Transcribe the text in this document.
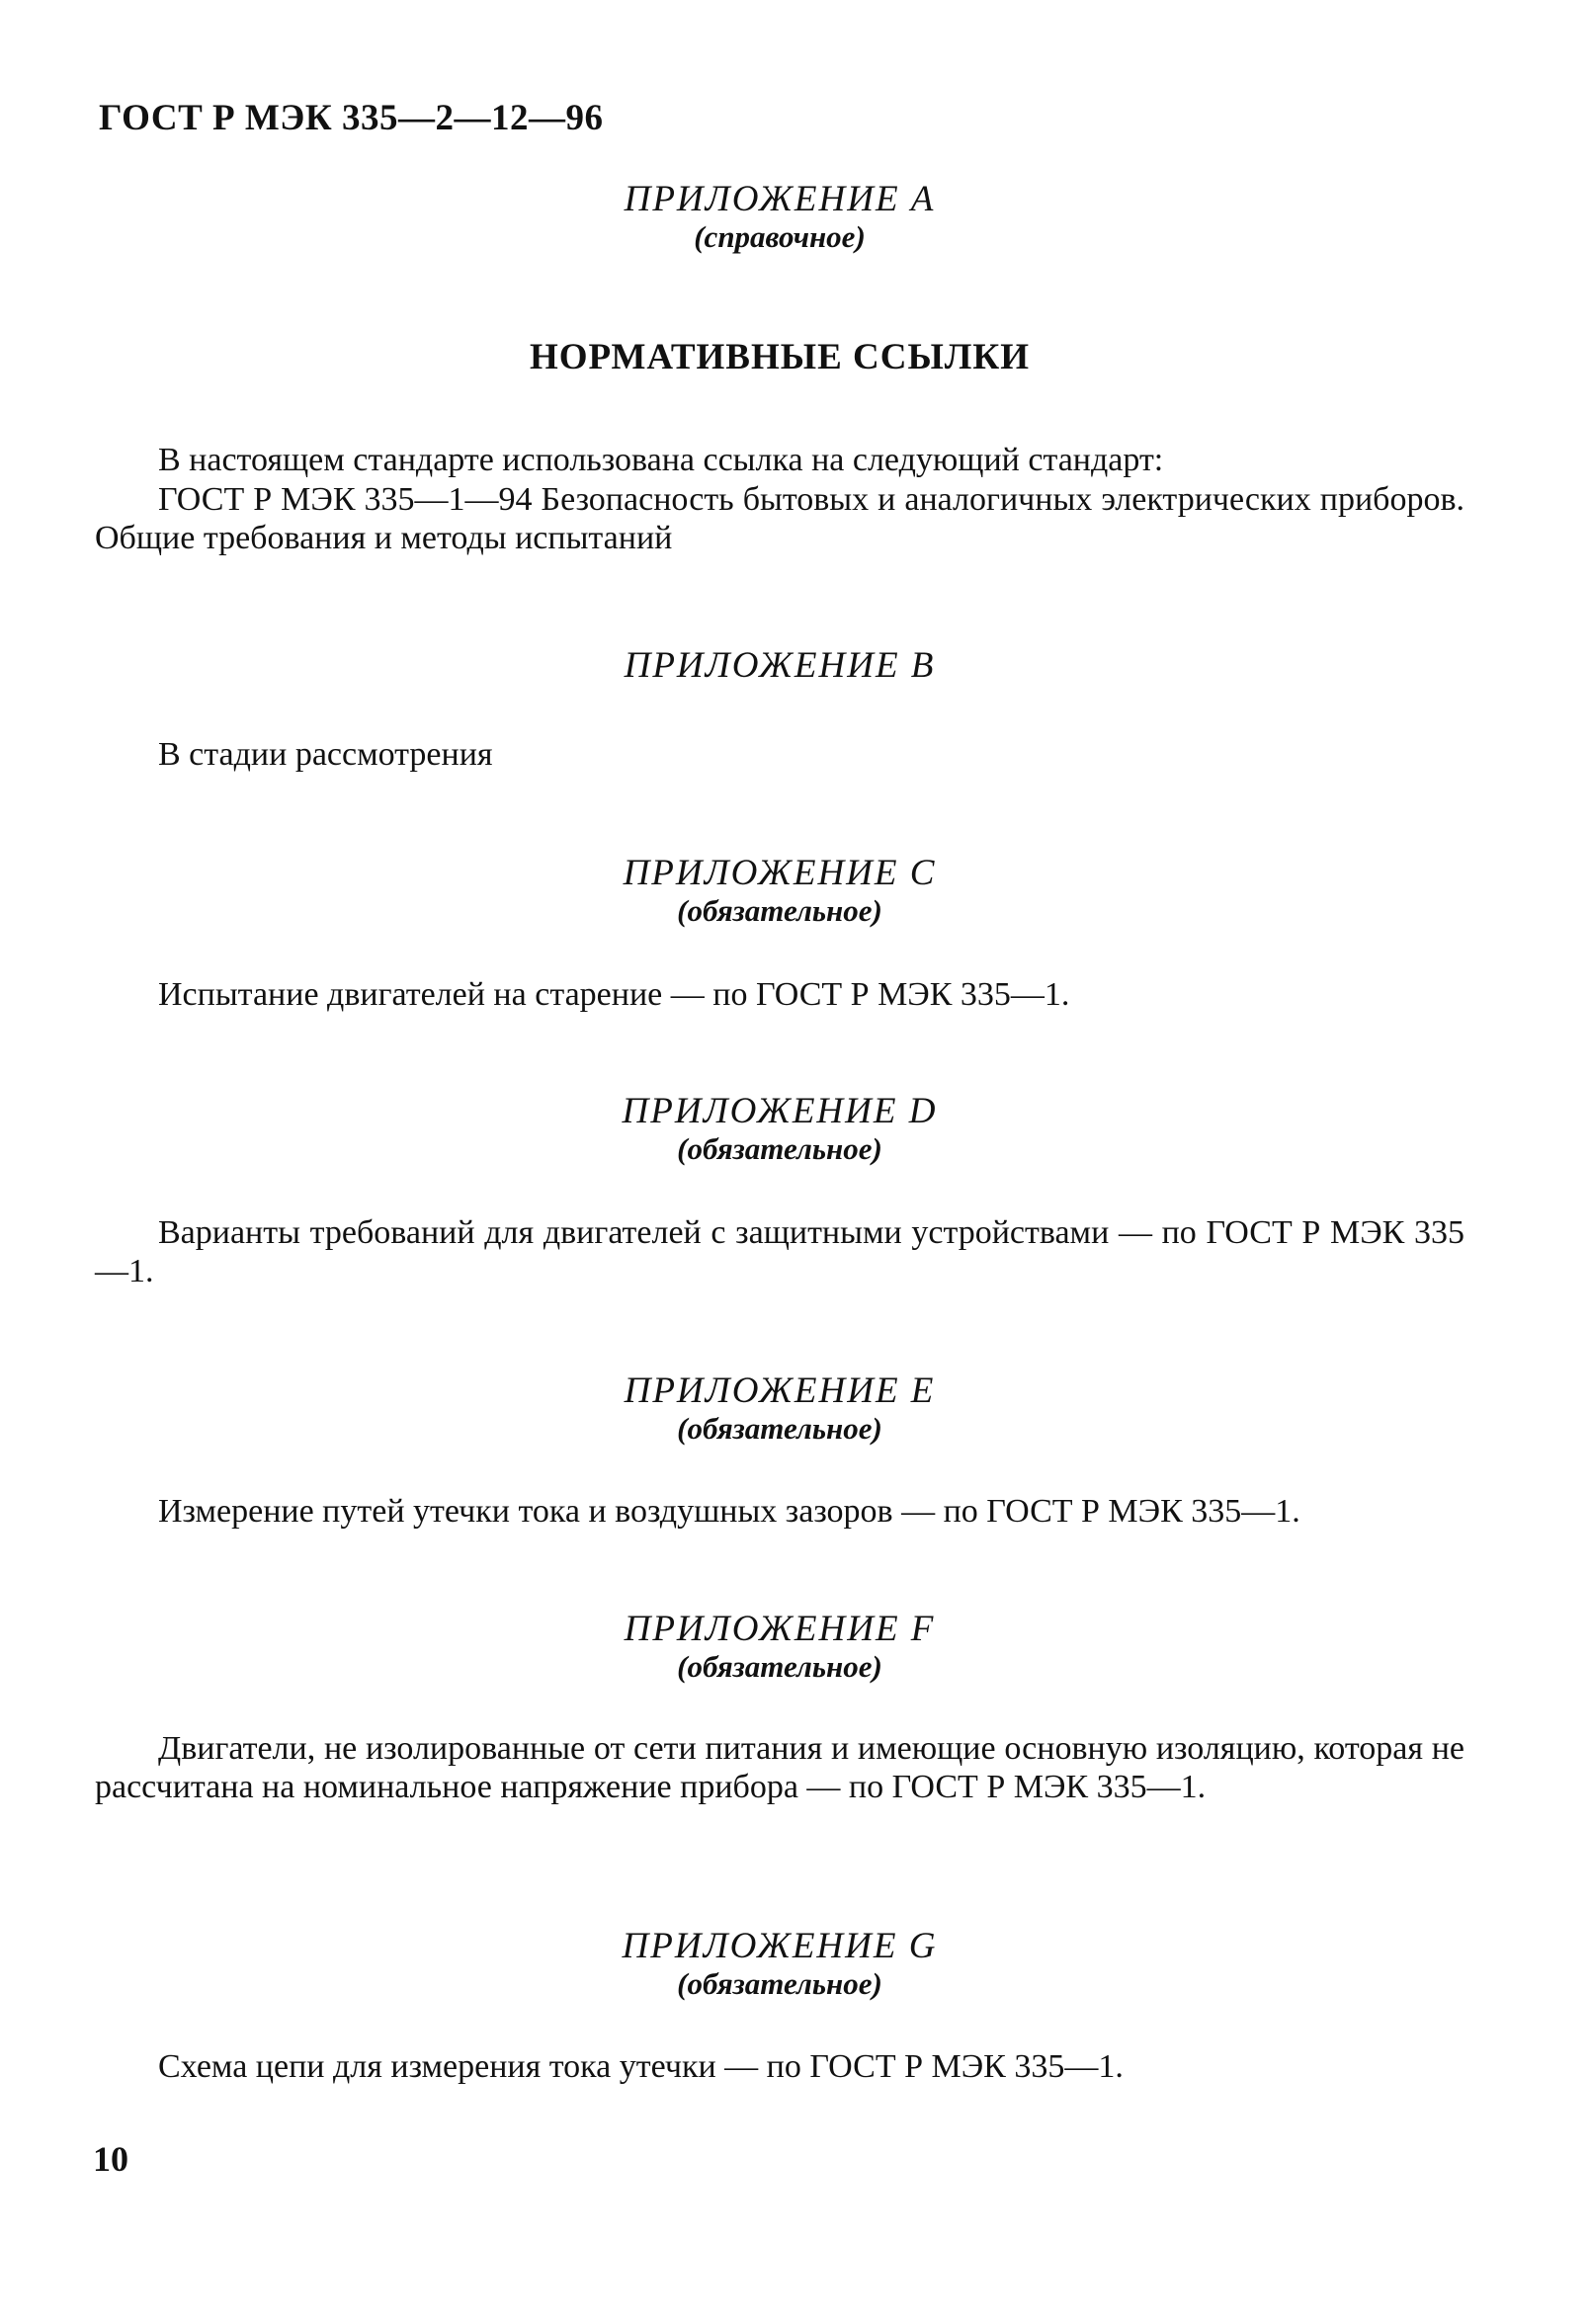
ГОСТ Р МЭК 335—2—12—96
ПРИЛОЖЕНИЕ А
(справочное)
НОРМАТИВНЫЕ ССЫЛКИ

В настоящем стандарте использована ссылка на следующий стандарт:

ГОСТ Р МЭК 335—1—94 Безопасность бытовых и аналогичных электрических приборов. Общие требования и методы испытаний

ПРИЛОЖЕНИЕ В

В стадии рассмотрения

ПРИЛОЖЕНИЕ С
(обязательное)

Испытание двигателей на старение — по ГОСТ Р МЭК 335—1.

ПРИЛОЖЕНИЕ D
(обязательное)

Варианты требований для двигателей с защитными устройствами — по ГОСТ Р МЭК 335—1.

ПРИЛОЖЕНИЕ Е
(обязательное)

Измерение путей утечки тока и воздушных зазоров — по ГОСТ Р МЭК 335—1.

ПРИЛОЖЕНИЕ F
(обязательное)

Двигатели, не изолированные от сети питания и имеющие основную изоляцию, которая не рассчитана на номинальное напряжение прибора — по ГОСТ Р МЭК 335—1.

ПРИЛОЖЕНИЕ G
(обязательное)

Схема цепи для измерения тока утечки — по ГОСТ Р МЭК 335—1.

10
